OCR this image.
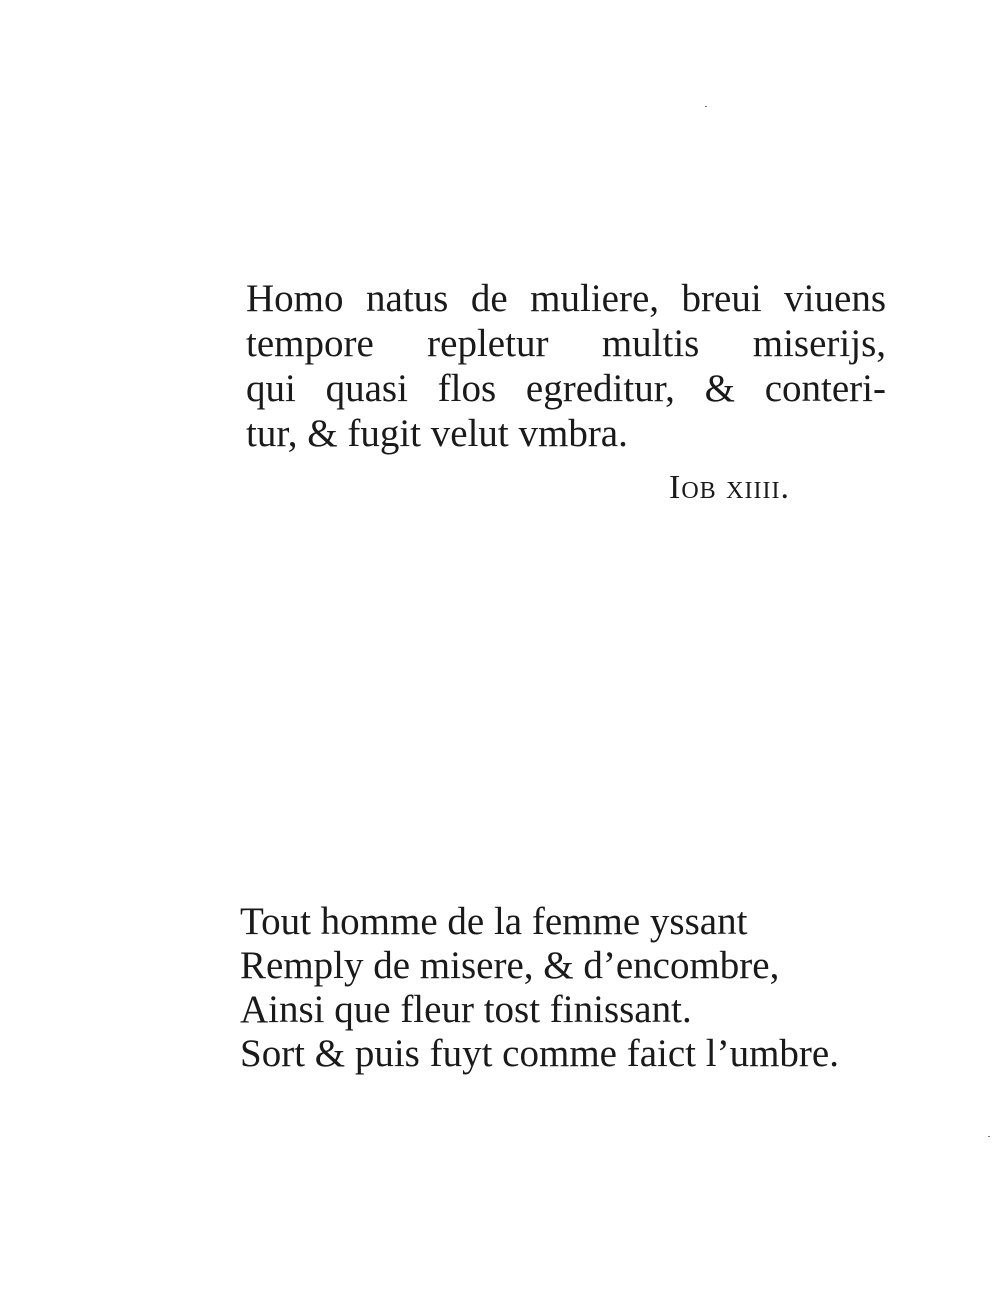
Homo natus de muliere, breui viuens
tempore repletur multis miserijs,
qui quasi flos egreditur, & conteri-
tur, & fugit velut vmbra.
Iob xiiii.
Tout homme de la femme yssant
Remply de misere, & d’encombre,
Ainsi que fleur tost finissant.
Sort & puis fuyt comme faict l’umbre.
